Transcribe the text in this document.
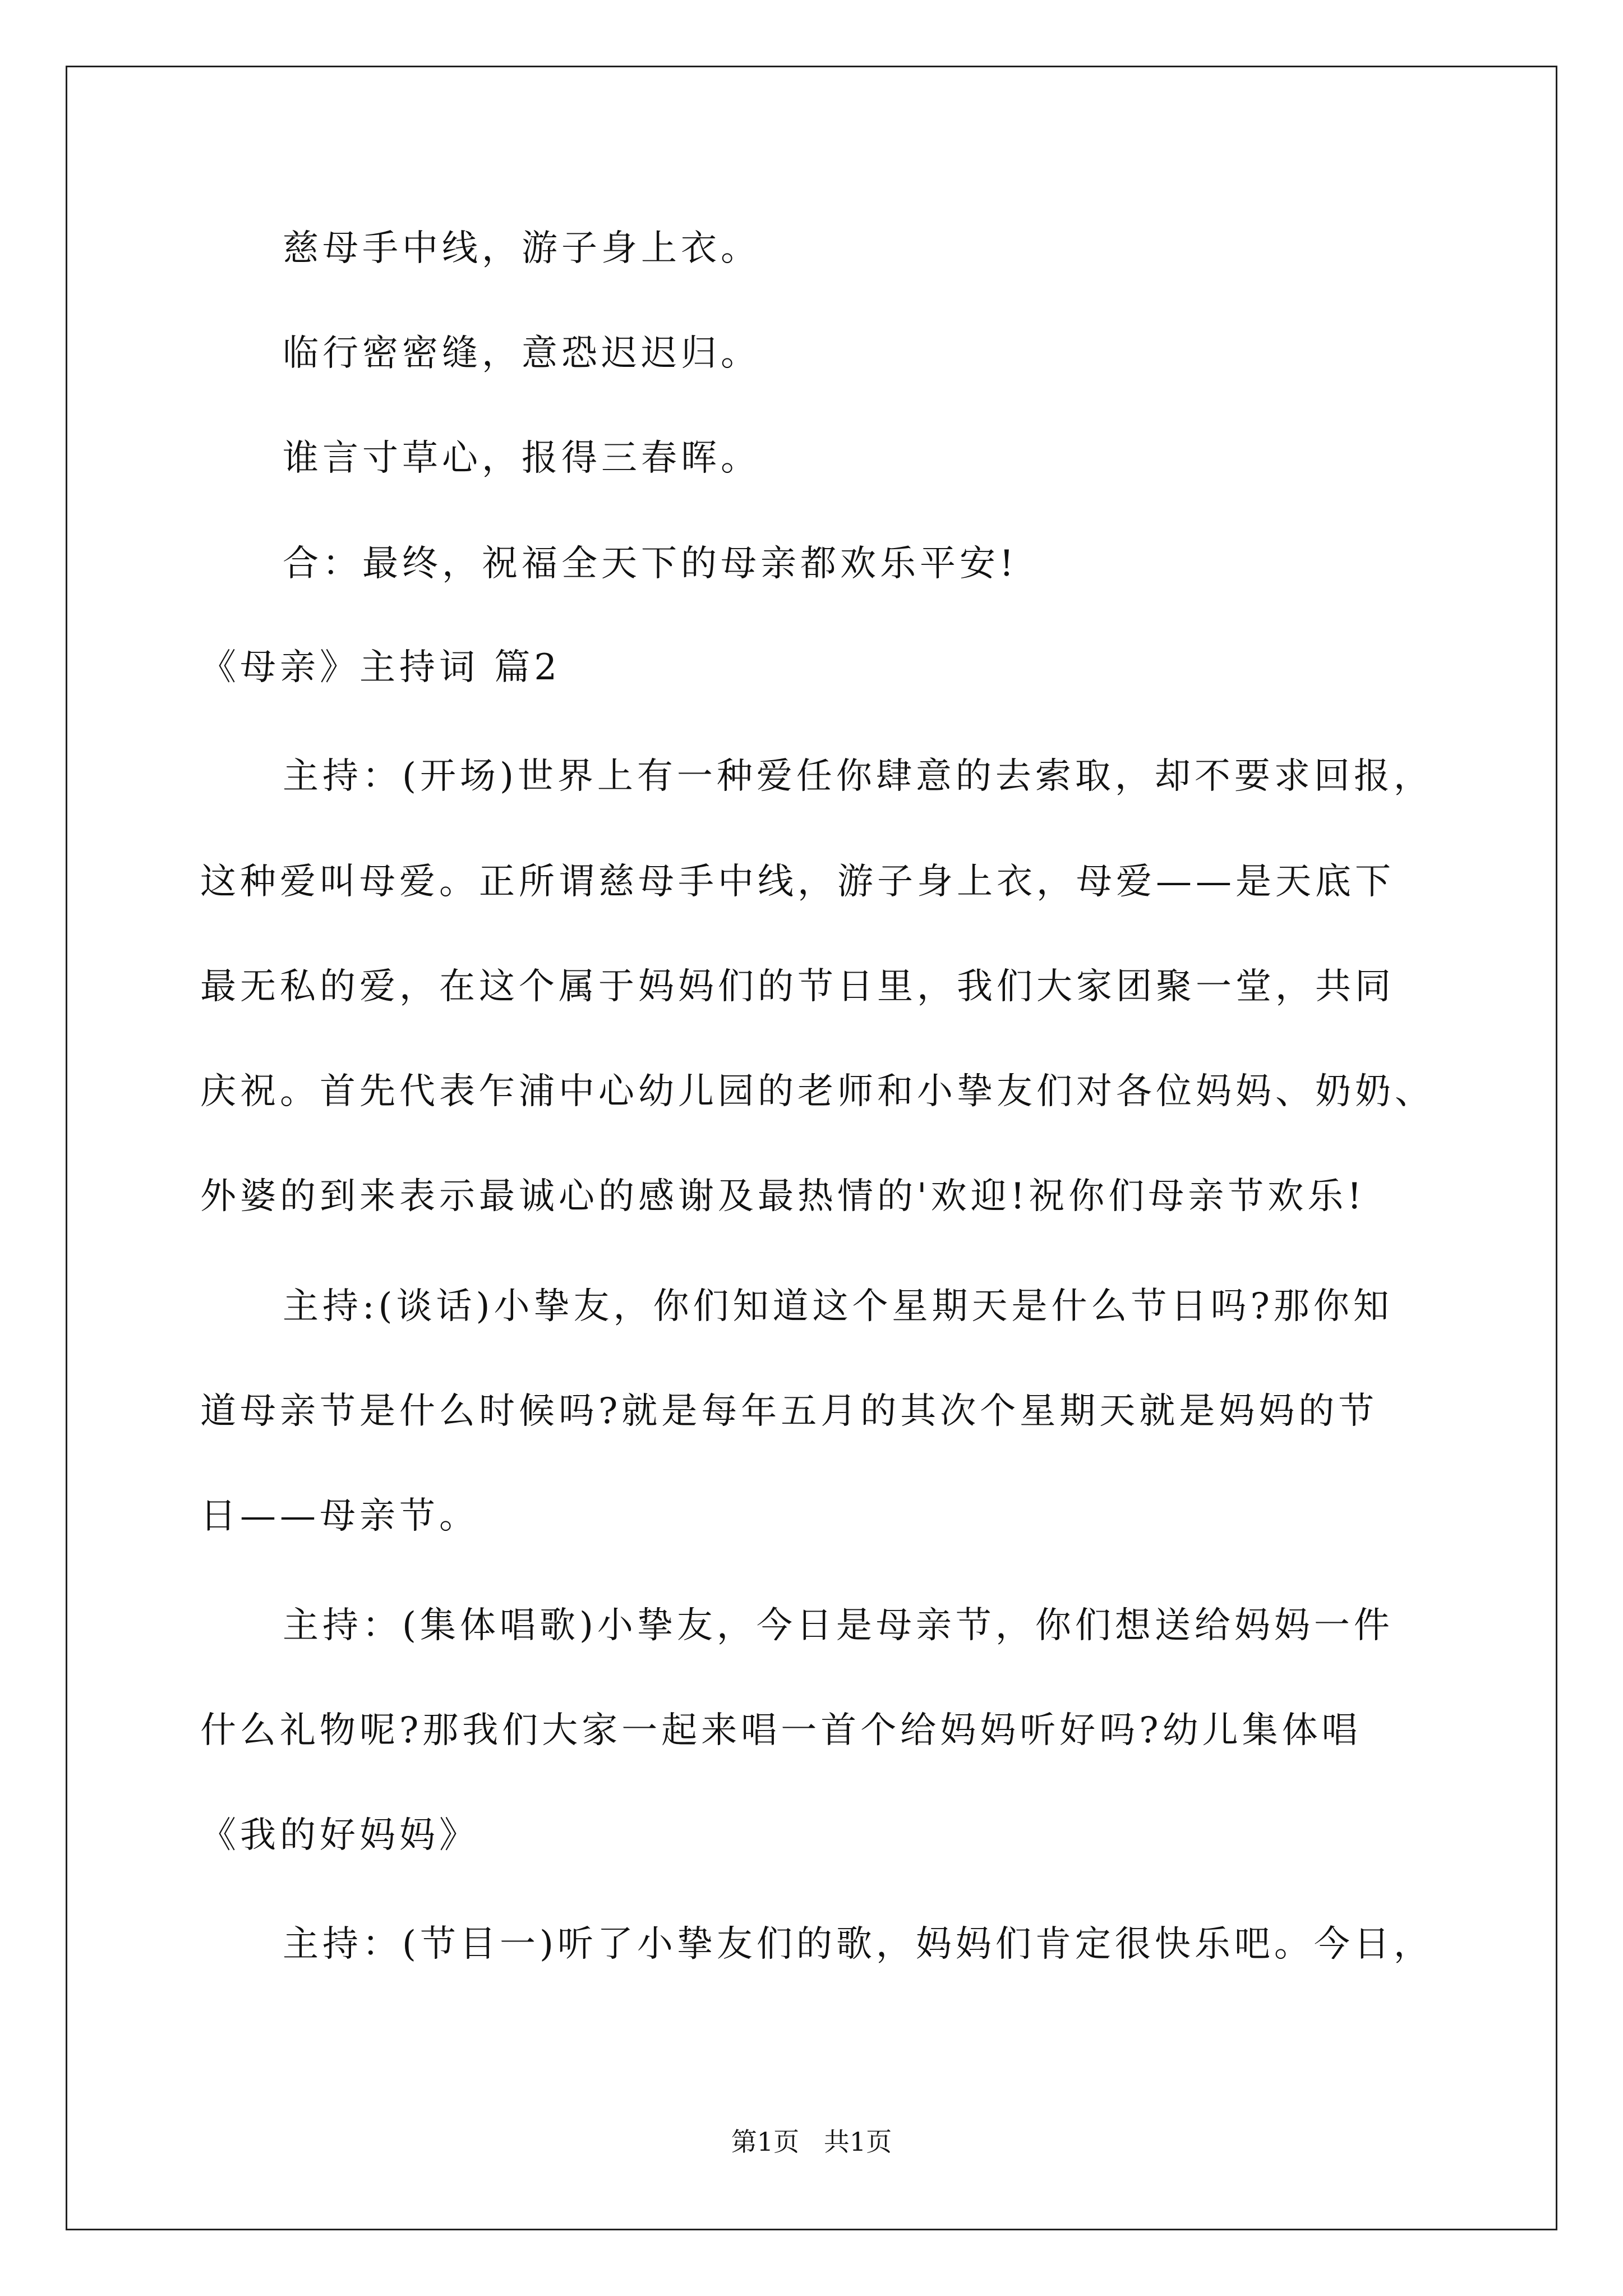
慈母手中线，游子身上衣。
临行密密缝，意恐迟迟归。
谁言寸草心，报得三春晖。
合：最终，祝福全天下的母亲都欢乐平安!
《母亲》主持词 篇2
主持：(开场)世界上有一种爱任你肆意的去索取，却不要求回报，
这种爱叫母爱。正所谓慈母手中线，游子身上衣，母爱——是天底下
最无私的爱，在这个属于妈妈们的节日里，我们大家团聚一堂，共同
庆祝。首先代表乍浦中心幼儿园的老师和小挚友们对各位妈妈、奶奶、
外婆的到来表示最诚心的感谢及最热情的'欢迎!祝你们母亲节欢乐!
主持:(谈话)小挚友，你们知道这个星期天是什么节日吗?那你知
道母亲节是什么时候吗?就是每年五月的其次个星期天就是妈妈的节
日——母亲节。
主持：(集体唱歌)小挚友，今日是母亲节，你们想送给妈妈一件
什么礼物呢?那我们大家一起来唱一首个给妈妈听好吗?幼儿集体唱
《我的好妈妈》
主持：(节目一)听了小挚友们的歌，妈妈们肯定很快乐吧。今日，
第1页   共1页
